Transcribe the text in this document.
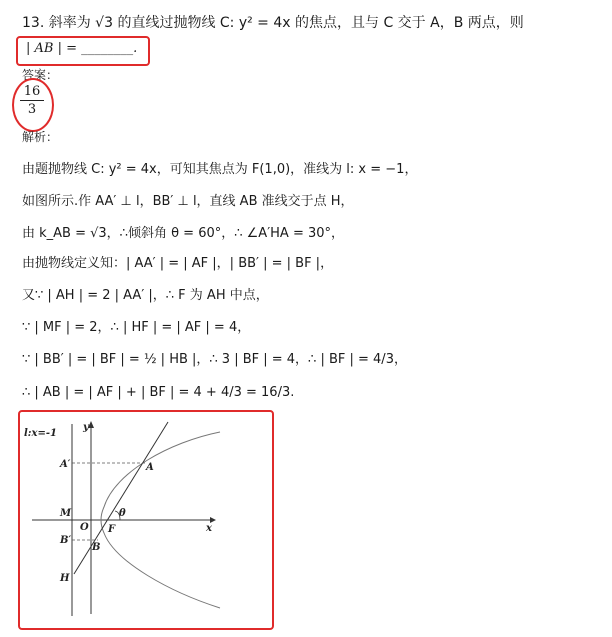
13. 斜率为 √3 的直线过抛物线 C: y² = 4x 的焦点，且与 C 交于 A，B 两点，则
| AB | = ________.
答案：
16
3
解析：
由题抛物线 C: y² = 4x，可知其焦点为 F(1,0)，准线为 l: x = −1，
如图所示.作 AA′ ⊥ l，BB′ ⊥ l，直线 AB 准线交于点 H，
由 k_AB = √3，∴倾斜角 θ = 60°，∴ ∠A′HA = 30°，
由抛物线定义知：| AA′ | = | AF |，| BB′ | = | BF |，
又∵ | AH | = 2 | AA′ |，∴ F 为 AH 中点，
∵ | MF | = 2，∴ | HF | = | AF | = 4，
∵ | BB′ | = | BF | = ½ | HB |，∴ 3 | BF | = 4，∴ | BF | = 4/3，
∴ | AB | = | AF | + | BF | = 4 + 4/3 = 16/3.
l:x=-1
y
x
A′	A
M
O F
θ
B′
B
H
